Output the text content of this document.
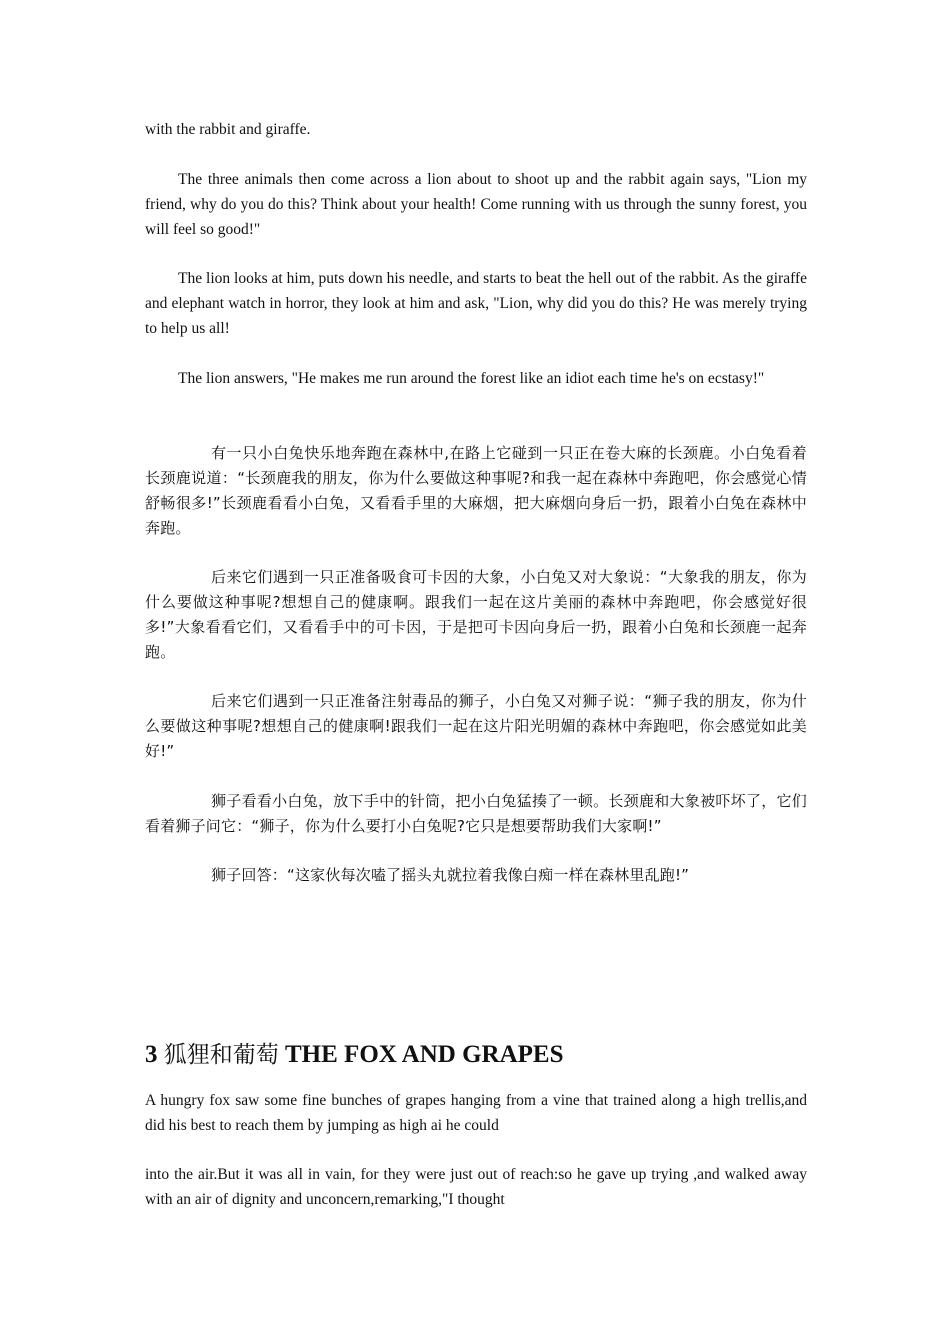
with the rabbit and giraffe.

The three animals then come across a lion about to shoot up and the rabbit again says, "Lion my friend, why do you do this? Think about your health! Come running with us through the sunny forest, you will feel so good!"

The lion looks at him, puts down his needle, and starts to beat the hell out of the rabbit. As the giraffe and elephant watch in horror, they look at him and ask, "Lion, why did you do this? He was merely trying to help us all!

The lion answers, "He makes me run around the forest like an idiot each time he's on ecstasy!"

有一只小白兔快乐地奔跑在森林中,在路上它碰到一只正在卷大麻的长颈鹿。小白兔看着长颈鹿说道：“长颈鹿我的朋友，你为什么要做这种事呢?和我一起在森林中奔跑吧，你会感觉心情舒畅很多!”长颈鹿看看小白兔，又看看手里的大麻烟，把大麻烟向身后一扔，跟着小白兔在森林中奔跑。

后来它们遇到一只正准备吸食可卡因的大象，小白兔又对大象说：“大象我的朋友，你为什么要做这种事呢?想想自己的健康啊。跟我们一起在这片美丽的森林中奔跑吧，你会感觉好很多!”大象看看它们，又看看手中的可卡因，于是把可卡因向身后一扔，跟着小白兔和长颈鹿一起奔跑。

后来它们遇到一只正准备注射毒品的狮子，小白兔又对狮子说：“狮子我的朋友，你为什么要做这种事呢?想想自己的健康啊!跟我们一起在这片阳光明媚的森林中奔跑吧，你会感觉如此美好!”

狮子看看小白兔，放下手中的针筒，把小白兔猛揍了一顿。长颈鹿和大象被吓坏了，它们看着狮子问它：“狮子，你为什么要打小白兔呢?它只是想要帮助我们大家啊!”

狮子回答：“这家伙每次嗑了摇头丸就拉着我像白痴一样在森林里乱跑!”

3 狐狸和葡萄 THE FOX AND GRAPES

A hungry fox saw some fine bunches of grapes hanging from a vine that trained along a high trellis,and did his best to reach them by jumping as high ai he could

into the air.But it was all in vain, for they were just out of reach:so he gave up trying ,and walked away with an air of dignity and unconcern,remarking,"I thought
